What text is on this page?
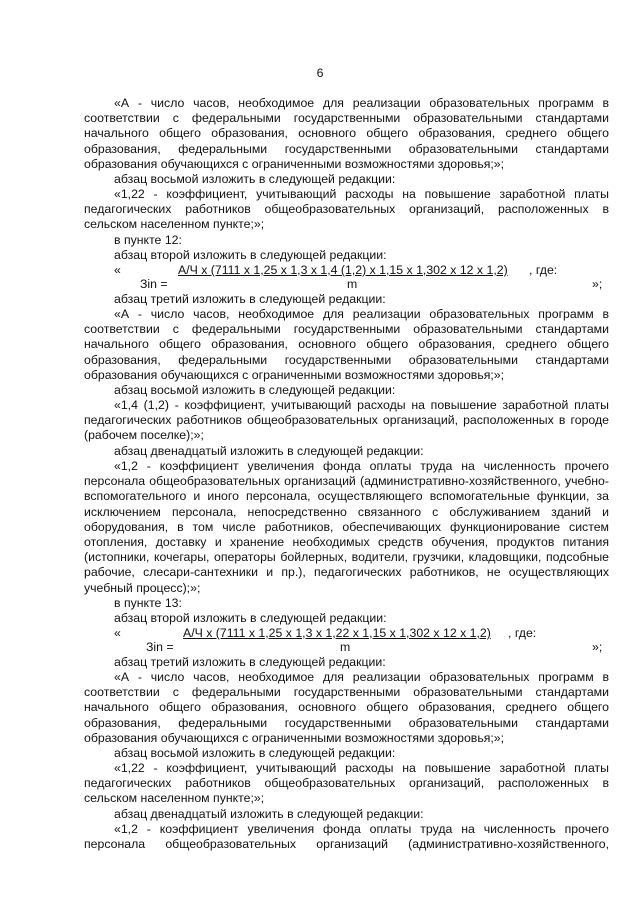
6

«А - число часов, необходимое для реализации образовательных программ в соответствии с федеральными государственными образовательными стандартами начального общего образования, основного общего образования, среднего общего образования, федеральными государственными образовательными стандартами образования обучающихся с ограниченными возможностями здоровья;»;

абзац восьмой изложить в следующей редакции:

«1,22 - коэффициент, учитывающий расходы на повышение заработной платы педагогических работников общеобразовательных организаций, расположенных в сельском населенном пункте;»;

в пункте 12:
абзац второй изложить в следующей редакции:
«	А/Ч x (7111 x 1,25 x 1,3 x 1,4 (1,2) x 1,15 x 1,302 x 12 x 1,2) , где:
Зin =	m	»;
абзац третий изложить в следующей редакции:

«А - число часов, необходимое для реализации образовательных программ в соответствии с федеральными государственными образовательными стандартами начального общего образования, основного общего образования, среднего общего образования, федеральными государственными образовательными стандартами образования обучающихся с ограниченными возможностями здоровья;»;

абзац восьмой изложить в следующей редакции:

«1,4 (1,2) - коэффициент, учитывающий расходы на повышение заработной платы педагогических работников общеобразовательных организаций, расположенных в городе (рабочем поселке);»;

абзац двенадцатый изложить в следующей редакции:

«1,2 - коэффициент увеличения фонда оплаты труда на численность прочего персонала общеобразовательных организаций (административно-хозяйственного, учебно-вспомогательного и иного персонала, осуществляющего вспомогательные функции, за исключением персонала, непосредственно связанного с обслуживанием зданий и оборудования, в том числе работников, обеспечивающих функционирование систем отопления, доставку и хранение необходимых средств обучения, продуктов питания (истопники, кочегары, операторы бойлерных, водители, грузчики, кладовщики, подсобные рабочие, слесари-сантехники и пр.), педагогических работников, не осуществляющих учебный процесс);»;

в пункте 13:
абзац второй изложить в следующей редакции:
«	А/Ч x (7111 x 1,25 x 1,3 x 1,22 x 1,15 x 1,302 x 12 x 1,2) , где:
Зin =	m	»;
абзац третий изложить в следующей редакции:

«А - число часов, необходимое для реализации образовательных программ в соответствии с федеральными государственными образовательными стандартами начального общего образования, основного общего образования, среднего общего образования, федеральными государственными образовательными стандартами образования обучающихся с ограниченными возможностями здоровья;»;

абзац восьмой изложить в следующей редакции:

«1,22 - коэффициент, учитывающий расходы на повышение заработной платы педагогических работников общеобразовательных организаций, расположенных в сельском населенном пункте;»;

абзац двенадцатый изложить в следующей редакции:

«1,2 - коэффициент увеличения фонда оплаты труда на численность прочего персонала общеобразовательных организаций (административно-хозяйственного,
